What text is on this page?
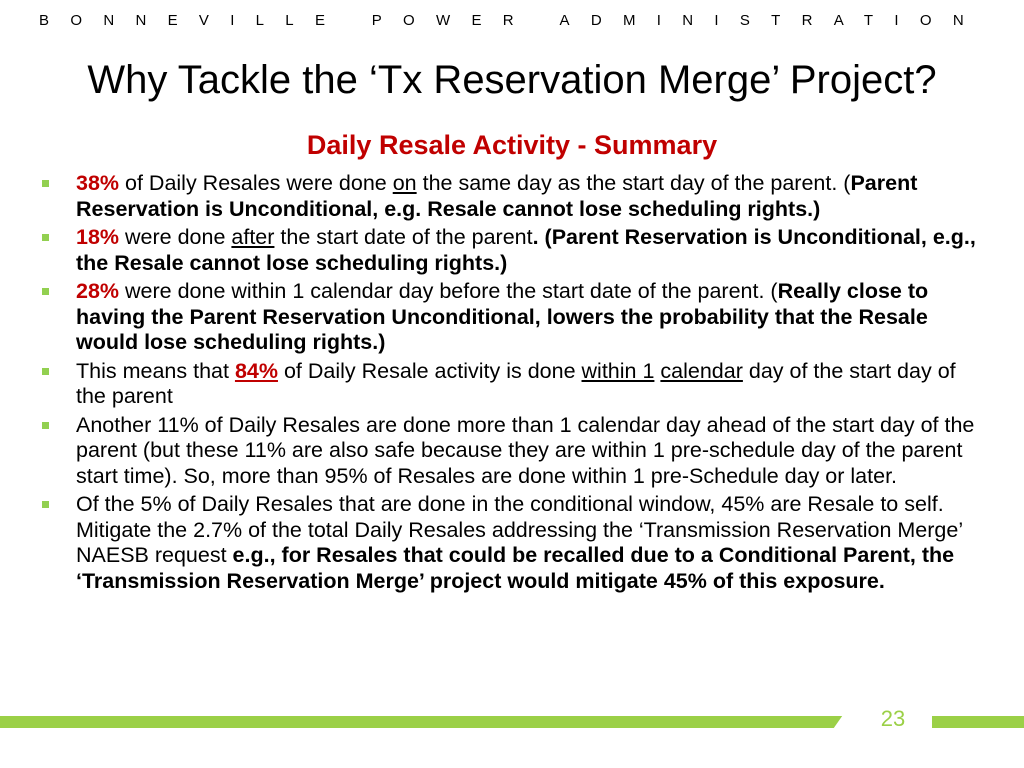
BONNEVILLE POWER ADMINISTRATION
Why Tackle the ‘Tx Reservation Merge’ Project?
Daily Resale Activity - Summary
38% of Daily Resales were done on the same day as the start day of the parent. (Parent Reservation is Unconditional, e.g. Resale cannot lose scheduling rights.)
18% were done after the start date of the parent. (Parent Reservation is Unconditional, e.g., the Resale cannot lose scheduling rights.)
28% were done within 1 calendar day before the start date of the parent. (Really close to having the Parent Reservation Unconditional, lowers the probability that the Resale would lose scheduling rights.)
This means that 84% of Daily Resale activity is done within 1 calendar day of the start day of the parent
Another 11% of Daily Resales are done more than 1 calendar day ahead of the start day of the parent (but these 11% are also safe because they are within 1 pre-schedule day of the parent start time). So, more than 95% of Resales are done within 1 pre-Schedule day or later.
Of the 5% of Daily Resales that are done in the conditional window, 45% are Resale to self. Mitigate the 2.7% of the total Daily Resales addressing the ‘Transmission Reservation Merge’ NAESB request e.g., for Resales that could be recalled due to a Conditional Parent, the ‘Transmission Reservation Merge’ project would mitigate 45% of this exposure.
23
